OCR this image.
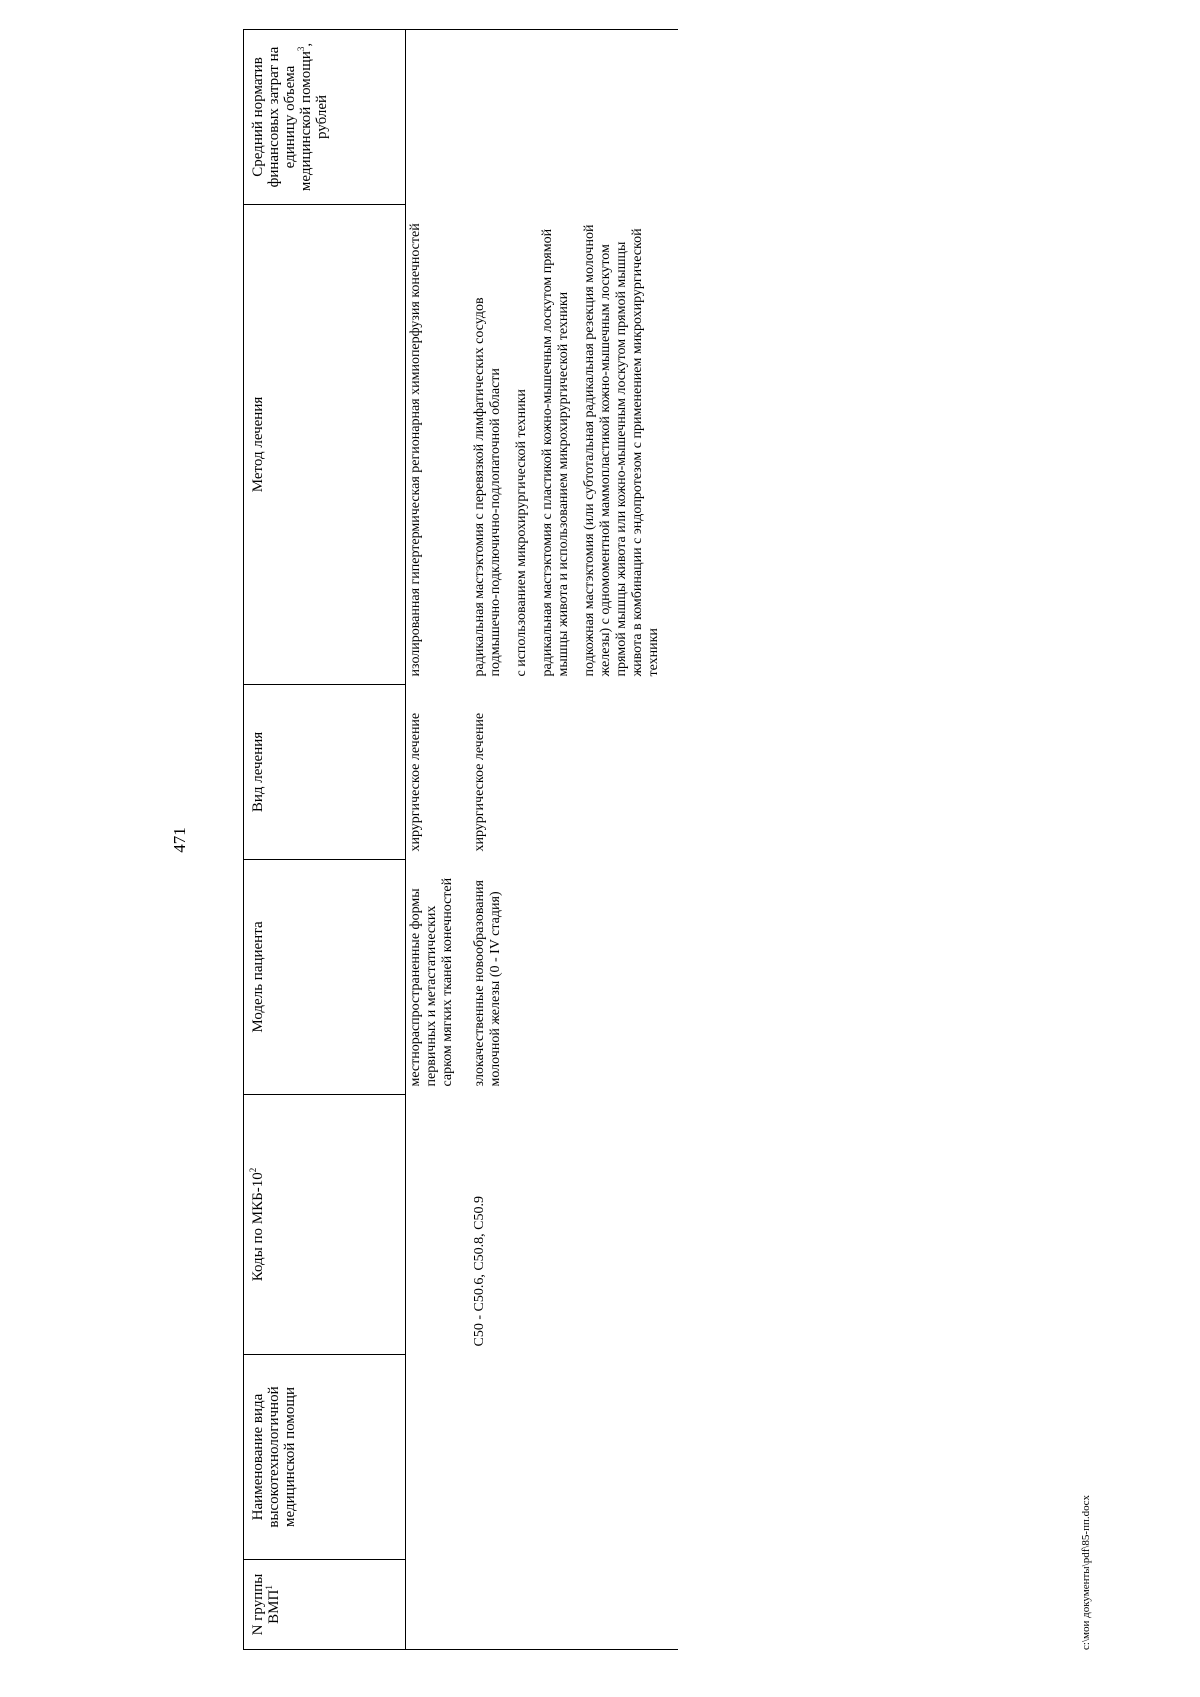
471
N группы ВМП$^1$	Наименование вида высокотехнологичной медицинской помощи	Коды по МКБ-$10^2$	Модель пациента	Вид лечения	Метод лечения	Средний норматив финансовых затрат на единицу объема медицинской помощи$^3$, рублей
			местнораспространенные формы первичных и метастатических сарком мягких тканей конечностей	хирургическое лечение	изолированная гипертермическая регионарная химиоперфузия конечностей	

		C50 - C50.6, C50.8, C50.9	злокачественные новообразования молочной железы (0 - IV стадия)	хирургическое лечение	радикальная мастэктомия с перевязкой лимфатических сосудов подмышечно-подключично-подлопаточной области с использованием микрохирургической техники радикальная мастэктомия с пластикой кожно-мышечным лоскутом прямой мышцы живота и использованием микрохирургической техники подкожная мастэктомия (или субтотальная радикальная резекция молочной железы) с одномоментной маммопластикой кожно-мышечным лоскутом прямой мышцы живота или кожно-мышечным лоскутом прямой мышцы живота в комбинации с эндопротезом с применением микрохирургической техники	

c:\мои документы\pdf\85-пп.docx
